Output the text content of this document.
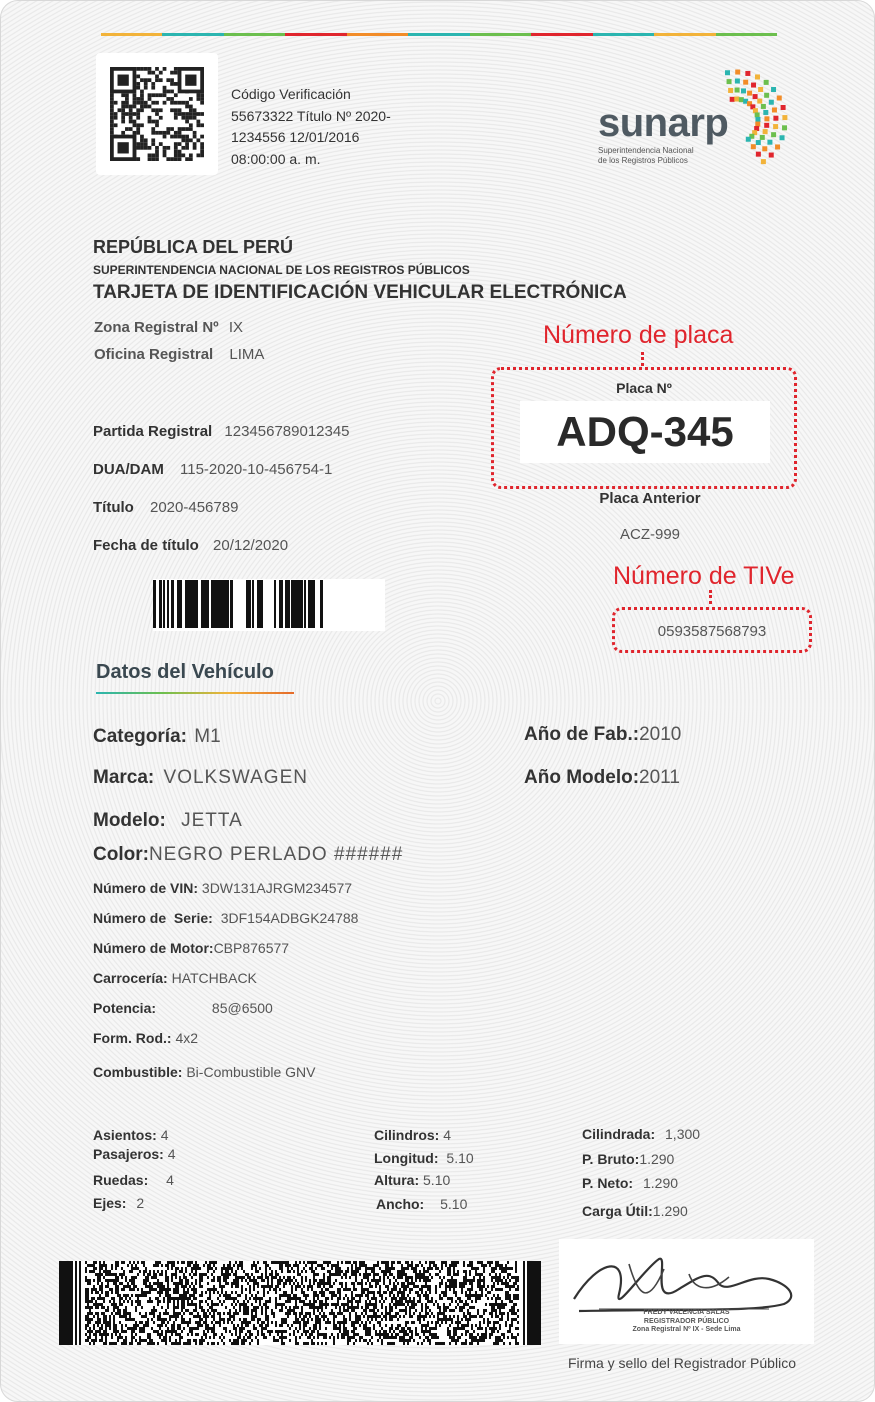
Código Verificación
55673322 Título Nº 2020-
1234556 12/01/2016
08:00:00 a. m.
sunarp
Superintendencia Nacional
de los Registros Públicos
REPÚBLICA DEL PERÚ
SUPERINTENDENCIA NACIONAL DE LOS REGISTROS PÚBLICOS
TARJETA DE IDENTIFICACIÓN VEHICULAR ELECTRÓNICA
Zona Registral Nº IX
Oficina Registral LIMA
Partida Registral 123456789012345
DUA/DAM 115-2020-10-456754-1
Título 2020-456789
Fecha de título 20/12/2020
Número de placa
Placa Nº
ADQ-345
Placa Anterior
ACZ-999
Número de TIVe
0593587568793
Datos del Vehículo
Categoría: M1	Año de Fab.:2010
Marca: VOLKSWAGEN	Año Modelo:2011
Modelo: JETTA
Color:NEGRO PERLADO ######
Número de VIN: 3DW131AJRGM234577
Número de  Serie: 3DF154ADBGK24788
Número de Motor:CBP876577
Carrocería: HATCHBACK
Potencia:	85@6500
Form. Rod.: 4x2
Combustible: Bi-Combustible GNV
Asientos: 4
Pasajeros: 4
Ruedas: 4
Ejes: 2
Cilindros: 4
Longitud: 5.10
Altura: 5.10
Ancho: 5.10
Cilindrada: 1,300
P. Bruto:1.290
P. Neto: 1.290
Carga Útil:1.290
FREDY VALENCIA SALAS
REGISTRADOR PÚBLICO
Zona Registral Nº IX - Sede Lima
Firma y sello del Registrador Público
